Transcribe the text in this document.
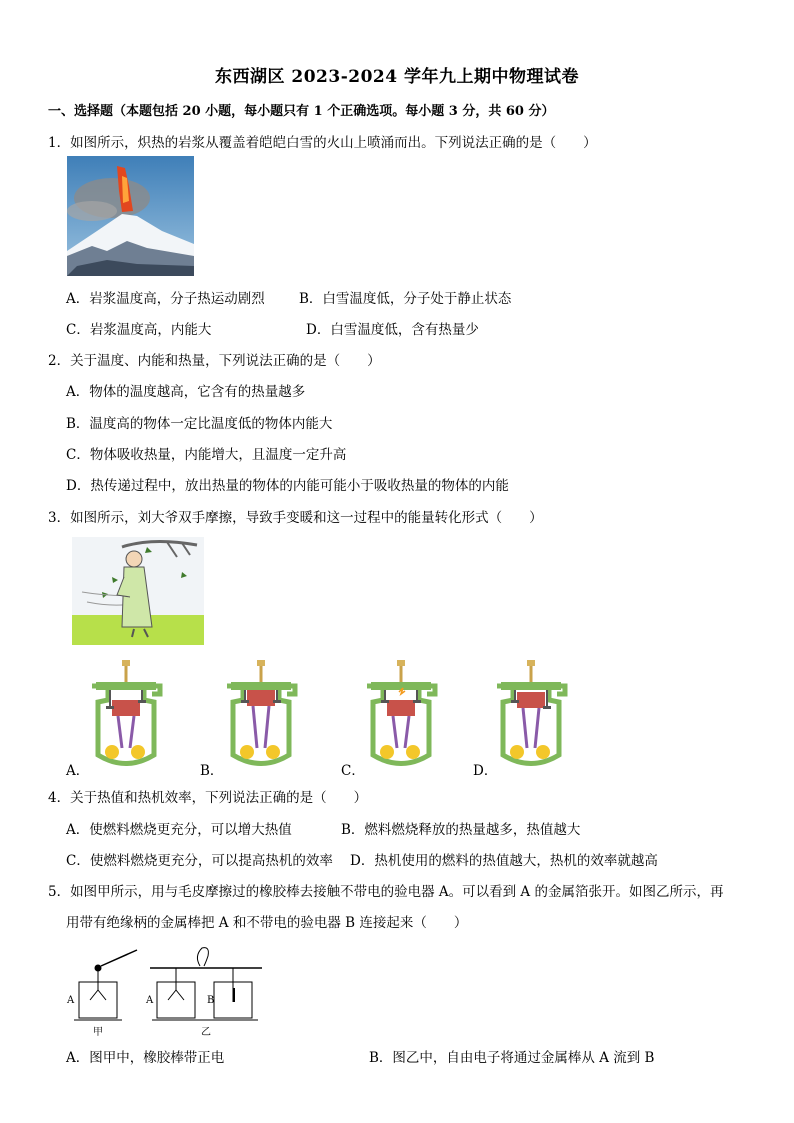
东西湖区 2023-2024 学年九上期中物理试卷
一、选择题（本题包括 20 小题，每小题只有 1 个正确选项。每小题 3 分，共 60 分）
1．如图所示，炽热的岩浆从覆盖着皑皑白雪的火山上喷涌而出。下列说法正确的是（　　）
A．岩浆温度高，分子热运动剧烈	B．白雪温度低，分子处于静止状态
C．岩浆温度高，内能大	D．白雪温度低，含有热量少
2．关于温度、内能和热量，下列说法正确的是（　　）
A．物体的温度越高，它含有的热量越多
B．温度高的物体一定比温度低的物体内能大
C．物体吸收热量，内能增大，且温度一定升高
D．热传递过程中，放出热量的物体的内能可能小于吸收热量的物体的内能
3．如图所示，刘大爷双手摩擦，导致手变暖和这一过程中的能量转化形式（　　）
A．	B．	C．	D．
4．关于热值和热机效率，下列说法正确的是（　　）
A．使燃料燃烧更充分，可以增大热值	B．燃料燃烧释放的热量越多，热值越大
C．使燃料燃烧更充分，可以提高热机的效率 D．热机使用的燃料的热值越大，热机的效率就越高
5．如图甲所示，用与毛皮摩擦过的橡胶棒去接触不带电的验电器 A。可以看到 A 的金属箔张开。如图乙所示，再
用带有绝缘柄的金属棒把 A 和不带电的验电器 B 连接起来（　　）
A
甲
A	B
乙
A．图甲中，橡胶棒带正电	B．图乙中，自由电子将通过金属棒从 A 流到 B
